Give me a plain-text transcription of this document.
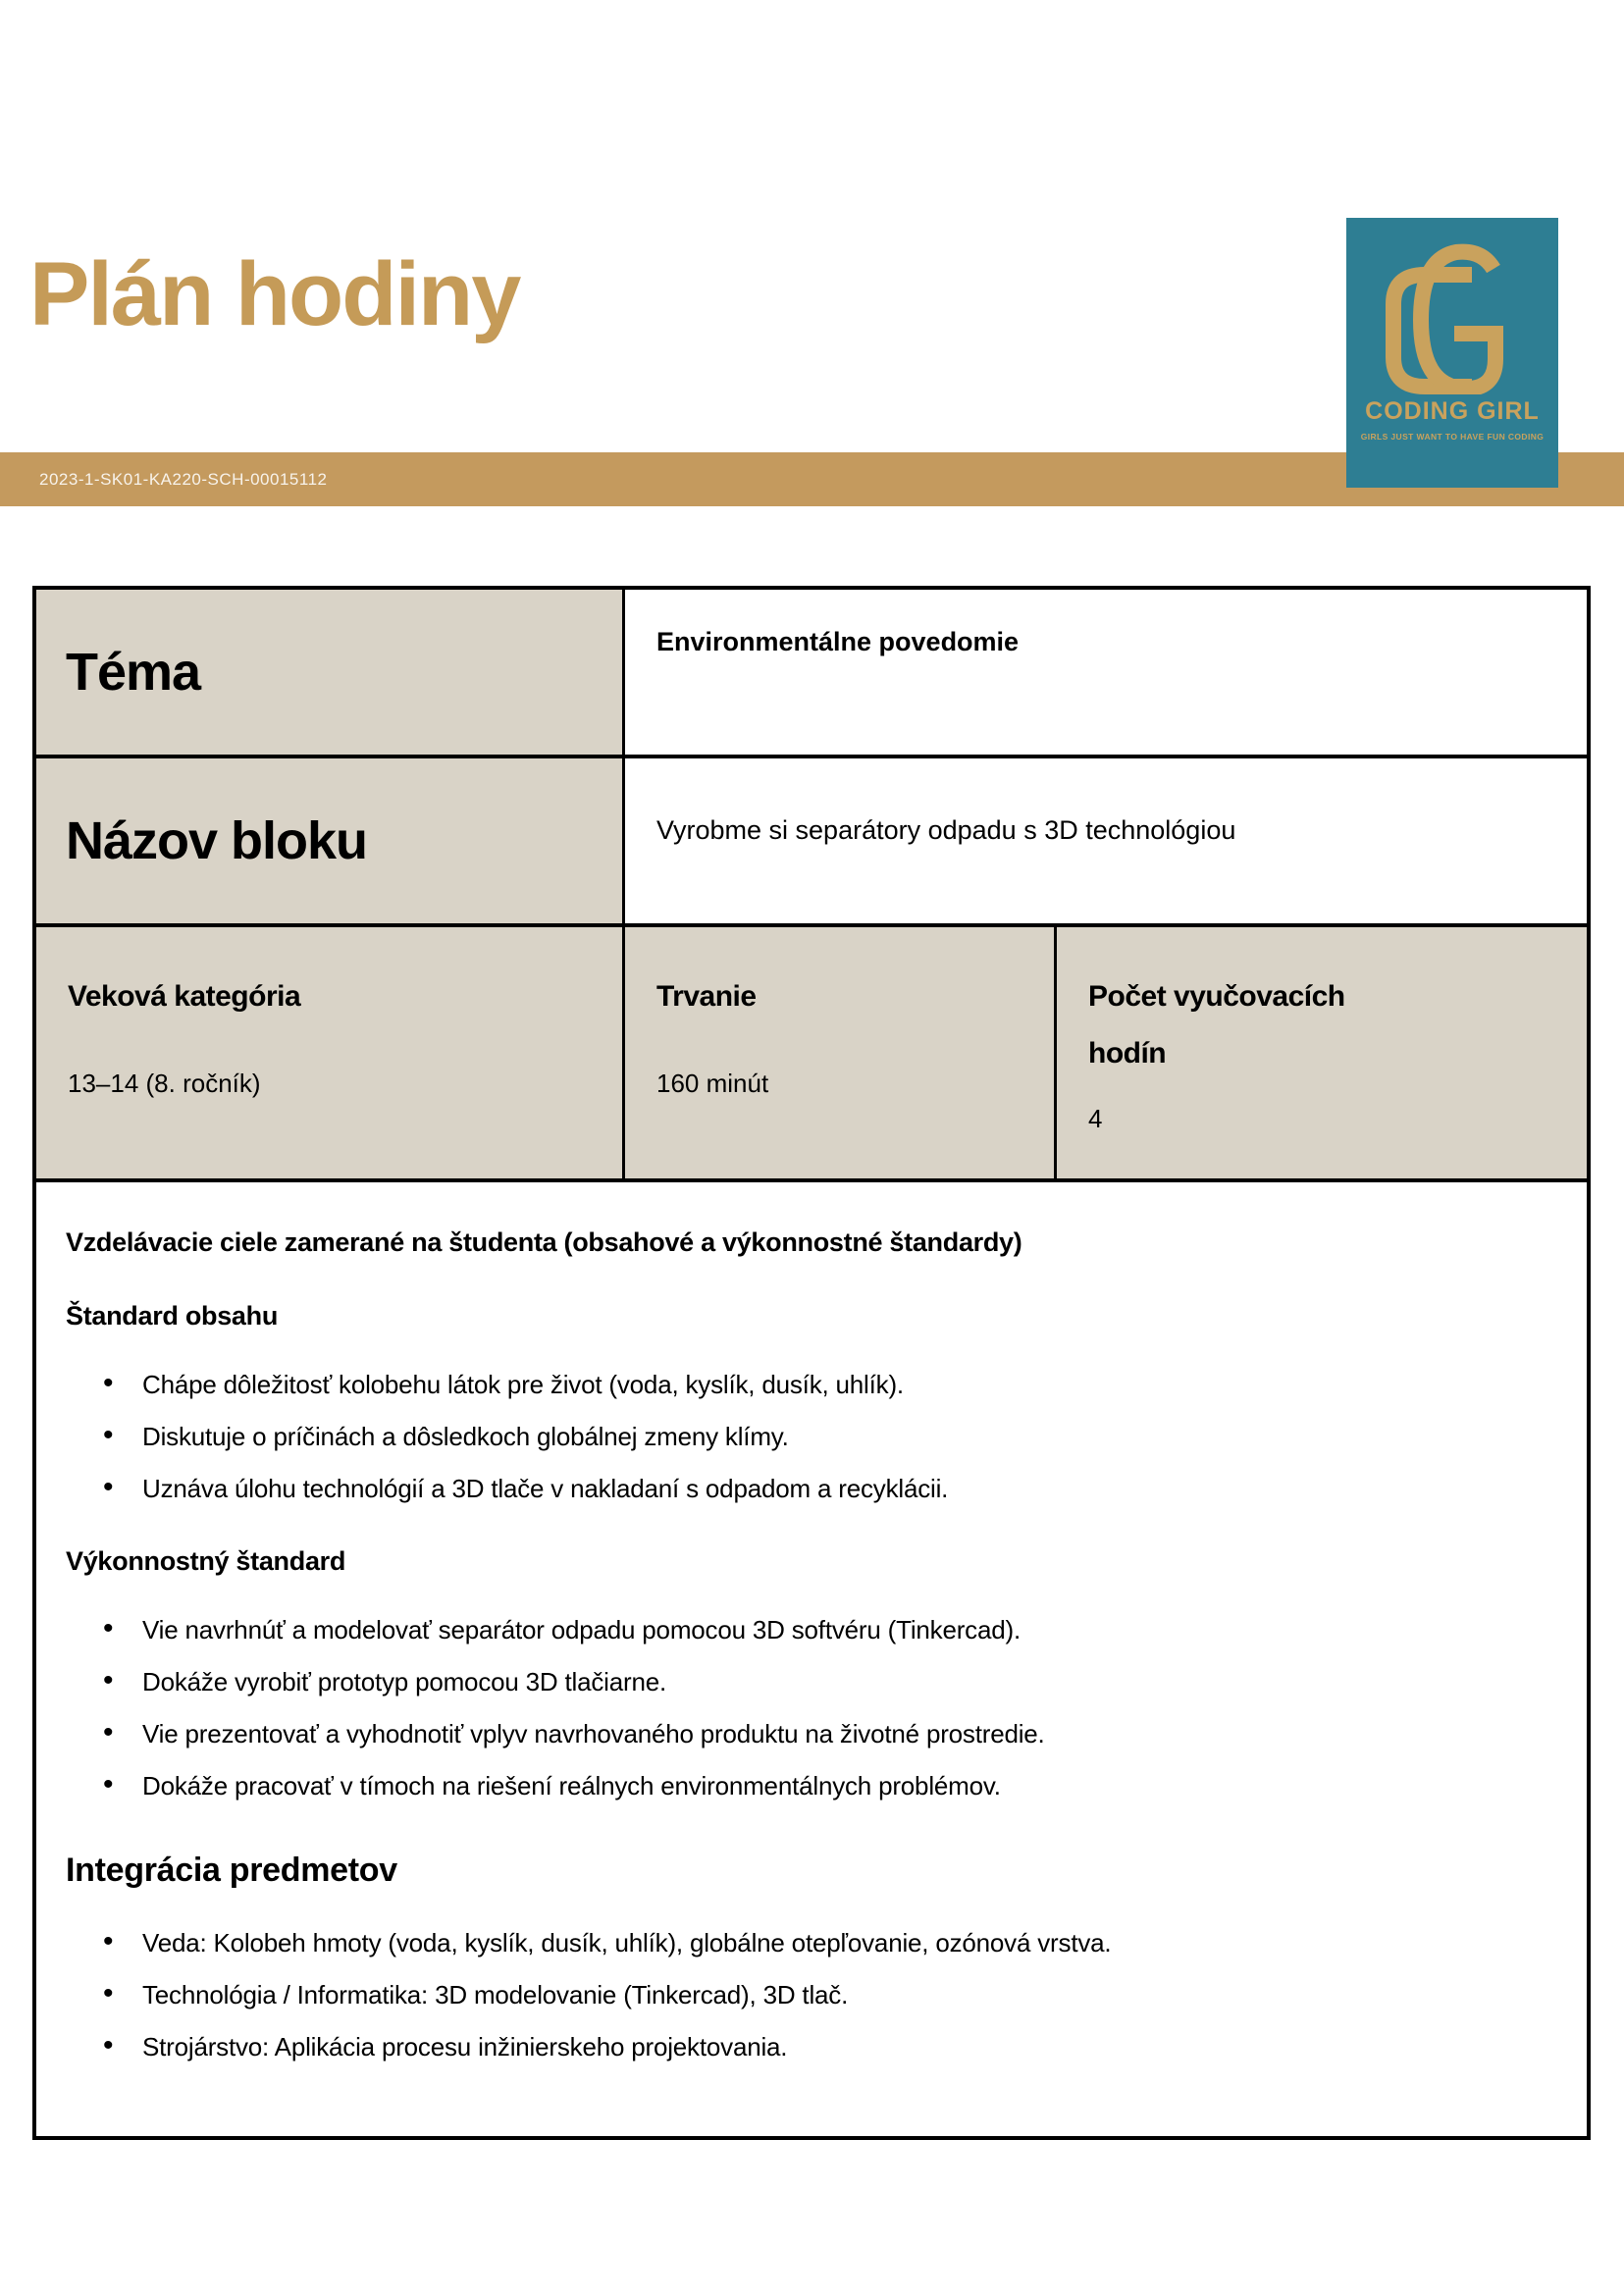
Plán hodiny
2023-1-SK01-KA220-SCH-00015112
CODING GIRL
GIRLS JUST WANT TO HAVE FUN CODING
Téma
Environmentálne povedomie
Názov bloku	Vyrobme si separátory odpadu s 3D technológiou
Veková kategória
13–14 (8. ročník)
Trvanie
160 minút
Počet vyučovacích hodín
4
Vzdelávacie ciele zamerané na študenta (obsahové a výkonnostné štandardy)
Štandard obsahu
• Chápe dôležitosť kolobehu látok pre život (voda, kyslík, dusík, uhlík).
• Diskutuje o príčinách a dôsledkoch globálnej zmeny klímy.
• Uznáva úlohu technológií a 3D tlače v nakladaní s odpadom a recyklácii.
Výkonnostný štandard
• Vie navrhnúť a modelovať separátor odpadu pomocou 3D softvéru (Tinkercad).
• Dokáže vyrobiť prototyp pomocou 3D tlačiarne.
• Vie prezentovať a vyhodnotiť vplyv navrhovaného produktu na životné prostredie.
• Dokáže pracovať v tímoch na riešení reálnych environmentálnych problémov.
Integrácia predmetov
• Veda: Kolobeh hmoty (voda, kyslík, dusík, uhlík), globálne otepľovanie, ozónová vrstva.
• Technológia / Informatika: 3D modelovanie (Tinkercad), 3D tlač.
• Strojárstvo: Aplikácia procesu inžinierskeho projektovania.
